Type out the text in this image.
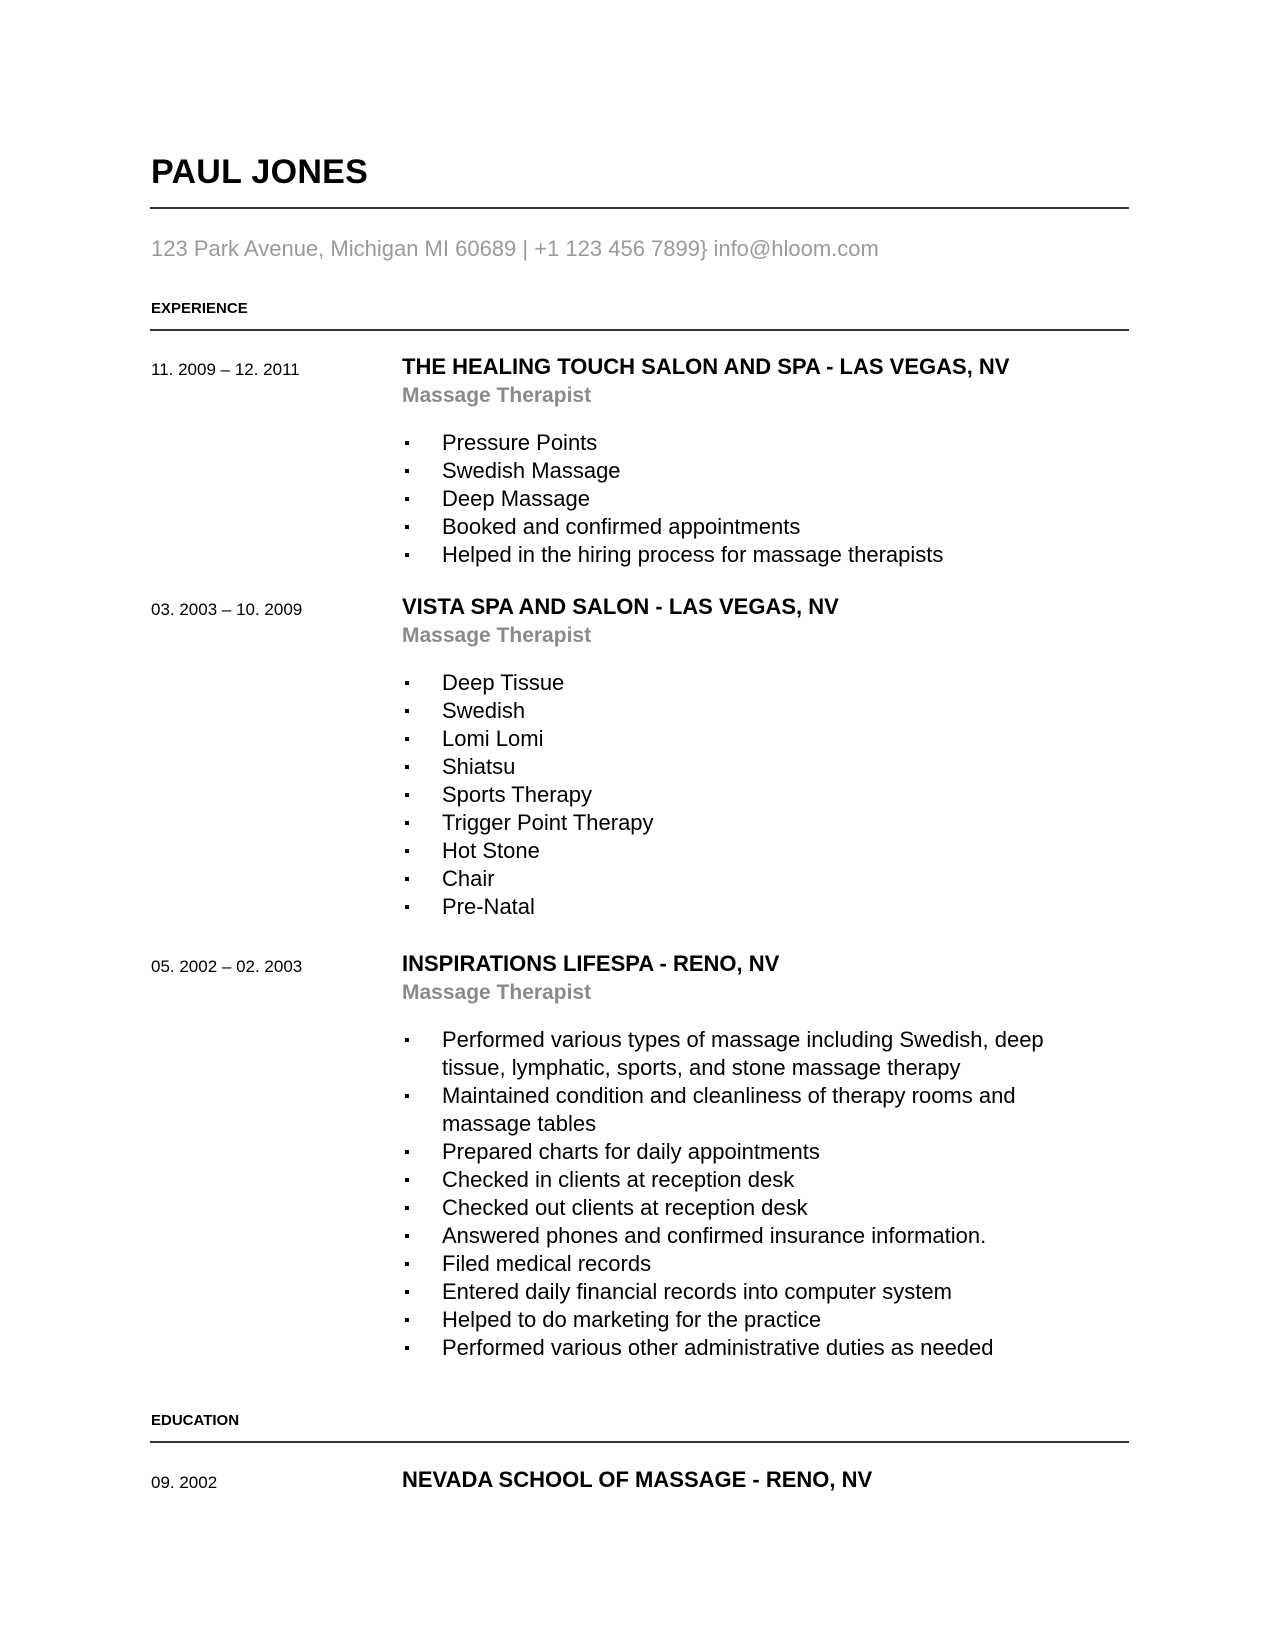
PAUL JONES
123 Park Avenue, Michigan MI 60689 | +1 123 456 7899} info@hloom.com
EXPERIENCE
11. 2009 – 12. 2011	THE HEALING TOUCH SALON AND SPA - LAS VEGAS, NV
Massage Therapist
Pressure Points
Swedish Massage
Deep Massage
Booked and confirmed appointments
Helped in the hiring process for massage therapists
03. 2003 – 10. 2009	VISTA SPA AND SALON - LAS VEGAS, NV
Massage Therapist
Deep Tissue
Swedish
Lomi Lomi
Shiatsu
Sports Therapy
Trigger Point Therapy
Hot Stone
Chair
Pre-Natal
05. 2002 – 02. 2003	INSPIRATIONS LIFESPA - RENO, NV
Massage Therapist
Performed various types of massage including Swedish, deep tissue, lymphatic, sports, and stone massage therapy
Maintained condition and cleanliness of therapy rooms and massage tables
Prepared charts for daily appointments
Checked in clients at reception desk
Checked out clients at reception desk
Answered phones and confirmed insurance information.
Filed medical records
Entered daily financial records into computer system
Helped to do marketing for the practice
Performed various other administrative duties as needed
EDUCATION
09. 2002	NEVADA SCHOOL OF MASSAGE - RENO, NV
